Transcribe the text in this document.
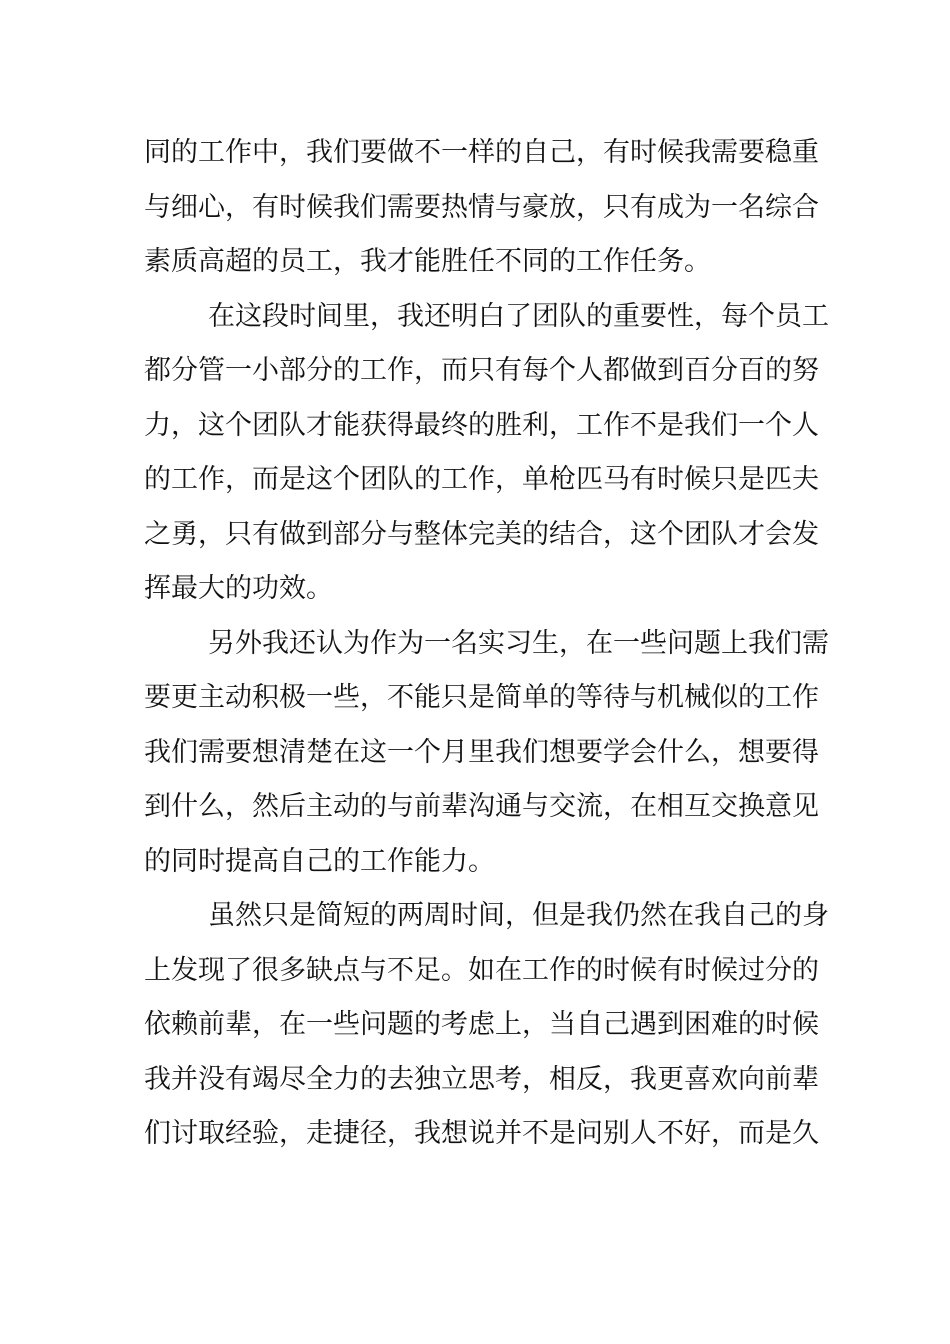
同的工作中，我们要做不一样的自己，有时候我需要稳重
与细心，有时候我们需要热情与豪放，只有成为一名综合
素质高超的员工，我才能胜任不同的工作任务。
在这段时间里，我还明白了团队的重要性，每个员工
都分管一小部分的工作，而只有每个人都做到百分百的努
力，这个团队才能获得最终的胜利，工作不是我们一个人
的工作，而是这个团队的工作，单枪匹马有时候只是匹夫
之勇，只有做到部分与整体完美的结合，这个团队才会发
挥最大的功效。
另外我还认为作为一名实习生，在一些问题上我们需
要更主动积极一些，不能只是简单的等待与机械似的工作
我们需要想清楚在这一个月里我们想要学会什么，想要得
到什么，然后主动的与前辈沟通与交流，在相互交换意见
的同时提高自己的工作能力。
虽然只是简短的两周时间，但是我仍然在我自己的身
上发现了很多缺点与不足。如在工作的时候有时候过分的
依赖前辈，在一些问题的考虑上，当自己遇到困难的时候
我并没有竭尽全力的去独立思考，相反，我更喜欢向前辈
们讨取经验，走捷径，我想说并不是问别人不好，而是久
